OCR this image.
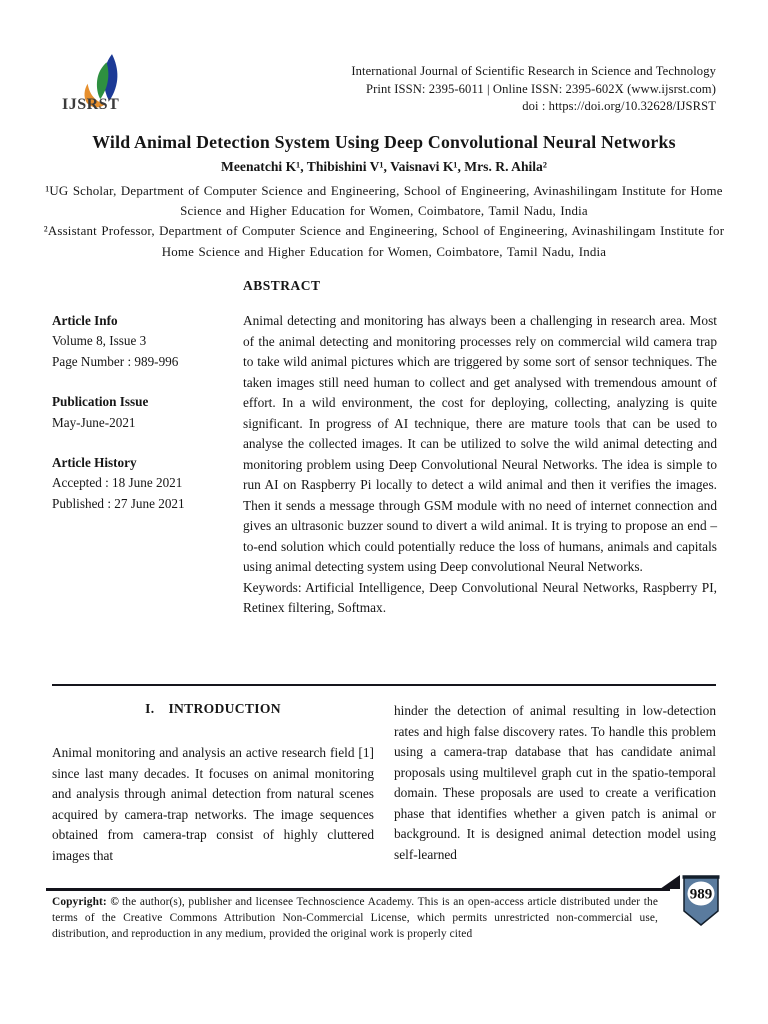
IJSRST
International Journal of Scientific Research in Science and Technology
Print ISSN: 2395-6011 | Online ISSN: 2395-602X (www.ijsrst.com)
doi : https://doi.org/10.32628/IJSRST
Wild Animal Detection System Using Deep Convolutional Neural Networks
Meenatchi K¹, Thibishini V¹, Vaisnavi K¹, Mrs. R. Ahila²
¹UG Scholar, Department of Computer Science and Engineering, School of Engineering, Avinashilingam Institute for Home Science and Higher Education for Women, Coimbatore, Tamil Nadu, India
²Assistant Professor, Department of Computer Science and Engineering, School of Engineering, Avinashilingam Institute for Home Science and Higher Education for Women, Coimbatore, Tamil Nadu, India
ABSTRACT
Article Info
Volume 8, Issue 3
Page Number : 989-996
Publication Issue
May-June-2021
Article History
Accepted : 18 June 2021
Published : 27 June 2021

Animal detecting and monitoring has always been a challenging in research area. Most of the animal detecting and monitoring processes rely on commercial wild camera trap to take wild animal pictures which are triggered by some sort of sensor techniques. The taken images still need human to collect and get analysed with tremendous amount of effort. In a wild environment, the cost for deploying, collecting, analyzing is quite significant. In progress of AI technique, there are mature tools that can be used to analyse the collected images. It can be utilized to solve the wild animal detecting and monitoring problem using Deep Convolutional Neural Networks. The idea is simple to run AI on Raspberry Pi locally to detect a wild animal and then it verifies the images. Then it sends a message through GSM module with no need of internet connection and gives an ultrasonic buzzer sound to divert a wild animal. It is trying to propose an end –to-end solution which could potentially reduce the loss of humans, animals and capitals using animal detecting system using Deep convolutional Neural Networks.

Keywords: Artificial Intelligence, Deep Convolutional Neural Networks, Raspberry PI, Retinex filtering, Softmax.

I. INTRODUCTION
Animal monitoring and analysis an active research field [1] since last many decades. It focuses on animal monitoring and analysis through animal detection from natural scenes acquired by camera-trap networks. The image sequences obtained from camera-trap consist of highly cluttered images that
hinder the detection of animal resulting in low-detection rates and high false discovery rates. To handle this problem using a camera-trap database that has candidate animal proposals using multilevel graph cut in the spatio-temporal domain. These proposals are used to create a verification phase that identifies whether a given patch is animal or background. It is designed animal detection model using self-learned
Copyright: © the author(s), publisher and licensee Technoscience Academy. This is an open-access article distributed under the terms of the Creative Commons Attribution Non-Commercial License, which permits unrestricted non-commercial use, distribution, and reproduction in any medium, provided the original work is properly cited
989
